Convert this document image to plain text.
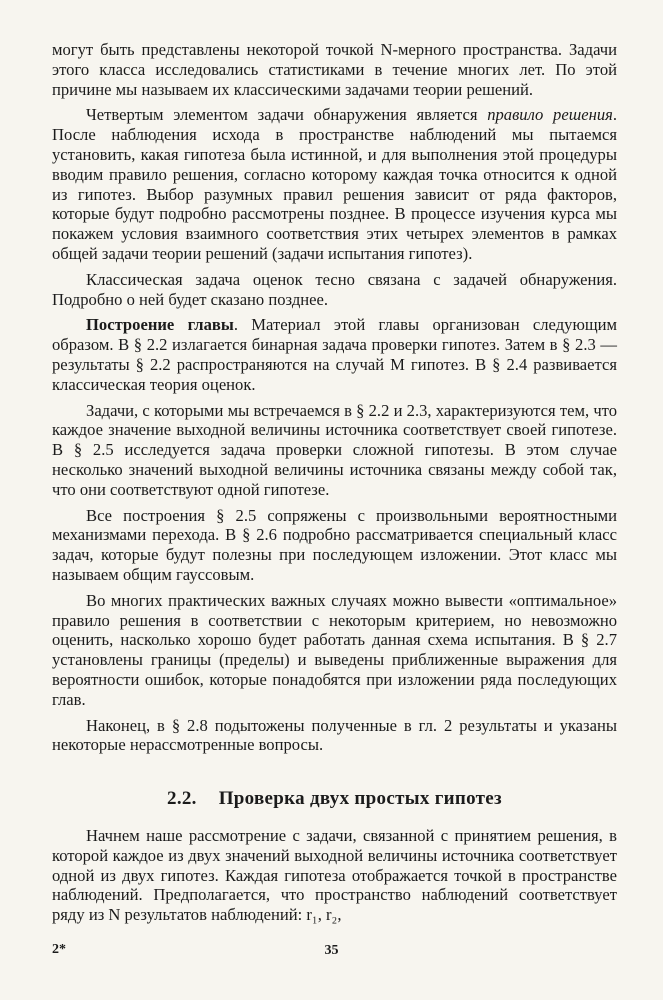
могут быть представлены некоторой точкой N-мерного пространства. Задачи этого класса исследовались статистиками в течение многих лет. По этой причине мы называем их классическими задачами теории решений.

Четвертым элементом задачи обнаружения является правило решения. После наблюдения исхода в пространстве наблюдений мы пытаемся установить, какая гипотеза была истинной, и для выполнения этой процедуры вводим правило решения, согласно которому каждая точка относится к одной из гипотез. Выбор разумных правил решения зависит от ряда факторов, которые будут подробно рассмотрены позднее. В процессе изучения курса мы покажем условия взаимного соответствия этих четырех элементов в рамках общей задачи теории решений (задачи испытания гипотез).

Классическая задача оценок тесно связана с задачей обнаружения. Подробно о ней будет сказано позднее.

Построение главы. Материал этой главы организован следующим образом. В § 2.2 излагается бинарная задача проверки гипотез. Затем в § 2.3 — результаты § 2.2 распространяются на случай M гипотез. В § 2.4 развивается классическая теория оценок.

Задачи, с которыми мы встречаемся в § 2.2 и 2.3, характеризуются тем, что каждое значение выходной величины источника соответствует своей гипотезе. В § 2.5 исследуется задача проверки сложной гипотезы. В этом случае несколько значений выходной величины источника связаны между собой так, что они соответствуют одной гипотезе.

Все построения § 2.5 сопряжены с произвольными вероятностными механизмами перехода. В § 2.6 подробно рассматривается специальный класс задач, которые будут полезны при последующем изложении. Этот класс мы называем общим гауссовым.

Во многих практических важных случаях можно вывести «оптимальное» правило решения в соответствии с некоторым критерием, но невозможно оценить, насколько хорошо будет работать данная схема испытания. В § 2.7 установлены границы (пределы) и выведены приближенные выражения для вероятности ошибок, которые понадобятся при изложении ряда последующих глав.

Наконец, в § 2.8 подытожены полученные в гл. 2 результаты и указаны некоторые нерассмотренные вопросы.

2.2. Проверка двух простых гипотез

Начнем наше рассмотрение с задачи, связанной с принятием решения, в которой каждое из двух значений выходной величины источника соответствует одной из двух гипотез. Каждая гипотеза отображается точкой в пространстве наблюдений. Предполагается, что пространство наблюдений соответствует ряду из N результатов наблюдений: r₁, r₂,

2*	35
